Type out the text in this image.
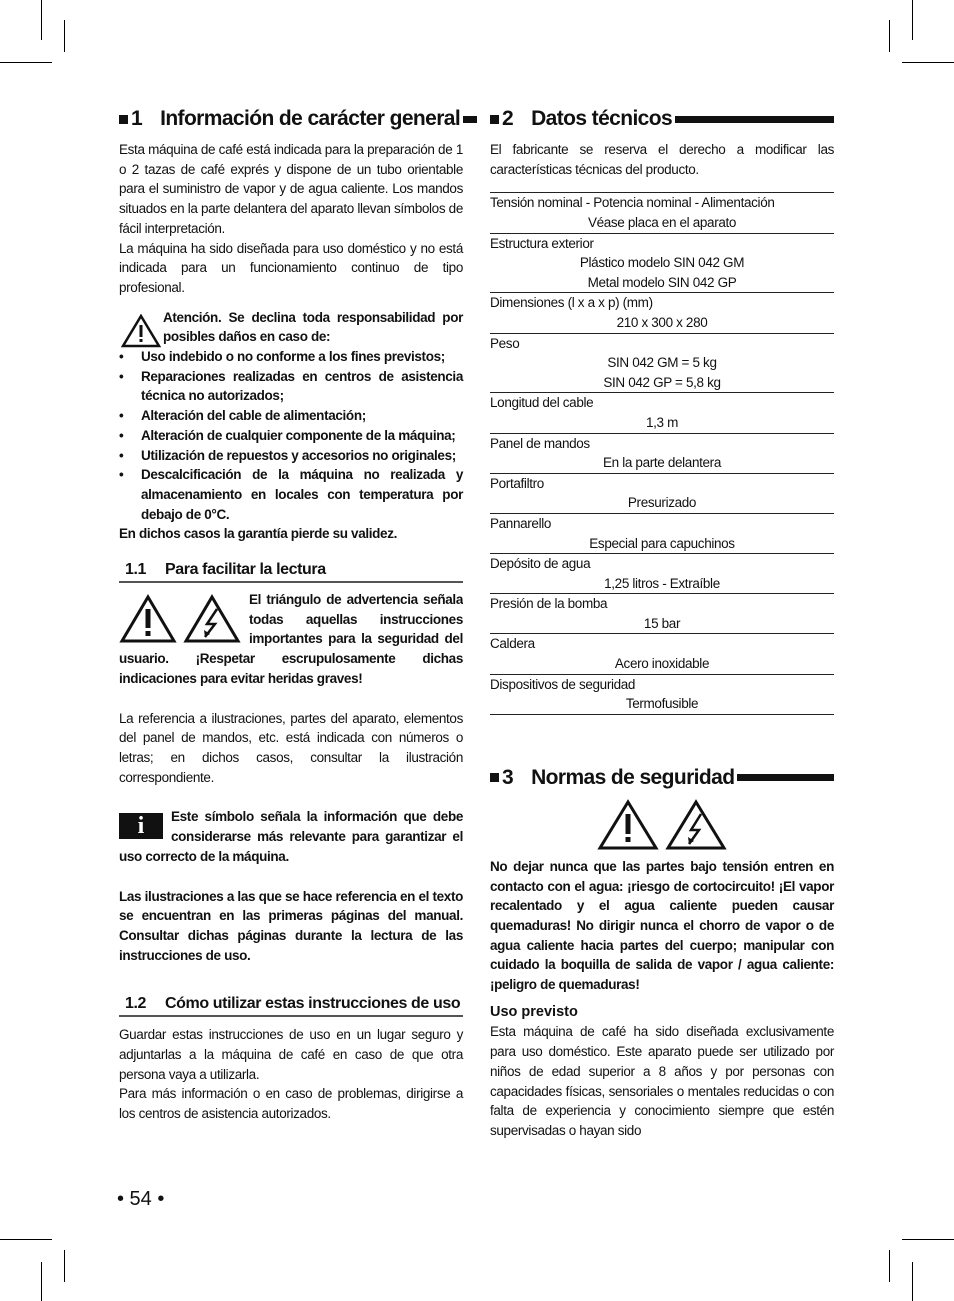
1 Información de carácter general

Esta máquina de café está indicada para la preparación de 1 o 2 tazas de café exprés y dispone de un tubo orientable para el suministro de vapor y de agua caliente. Los mandos situados en la parte delantera del aparato llevan símbolos de fácil interpretación.

La máquina ha sido diseñada para uso doméstico y no está indicada para un funcionamiento continuo de tipo profesional.

Atención. Se declina toda responsabilidad por posibles daños en caso de:

• Uso indebido o no conforme a los fines previstos;
• Reparaciones realizadas en centros de asistencia técnica no autorizados;
• Alteración del cable de alimentación;
• Alteración de cualquier componente de la máquina;
• Utilización de repuestos y accesorios no originales;
• Descalcificación de la máquina no realizada y almacenamiento en locales con temperatura por debajo de 0°C.

En dichos casos la garantía pierde su validez.

1.1	Para facilitar la lectura

El triángulo de advertencia señala todas aquellas instrucciones importantes para la seguridad del usuario. ¡Respetar escrupulosamente dichas indicaciones para evitar heridas graves!

La referencia a ilustraciones, partes del aparato, elementos del panel de mandos, etc. está indicada con números o letras; en dichos casos, consultar la ilustración correspondiente.

i	Este símbolo señala la información que debe considerarse más relevante para garantizar el uso correcto de la máquina.

Las ilustraciones a las que se hace referencia en el texto se encuentran en las primeras páginas del manual. Consultar dichas páginas durante la lectura de las instrucciones de uso.

1.2	Cómo utilizar estas instrucciones de uso

Guardar estas instrucciones de uso en un lugar seguro y adjuntarlas a la máquina de café en caso de que otra persona vaya a utilizarla.

Para más información o en caso de problemas, dirigirse a los centros de asistencia autorizados.

2 Datos técnicos

El fabricante se reserva el derecho a modificar las características técnicas del producto.

Tensión nominal - Potencia nominal - Alimentación
Véase placa en el aparato

Estructura exterior
Plástico modelo SIN 042 GM
Metal modelo SIN 042 GP

Dimensiones (l x a x p) (mm)
210 x 300 x 280

Peso
SIN 042 GM = 5 kg
SIN 042 GP = 5,8 kg

Longitud del cable
1,3 m

Panel de mandos
En la parte delantera

Portafiltro
Presurizado

Pannarello
Especial para capuchinos

Depósito de agua
1,25 litros - Extraíble

Presión de la bomba
15 bar

Caldera
Acero inoxidable

Dispositivos de seguridad
Termofusible

3 Normas de seguridad

No dejar nunca que las partes bajo tensión entren en contacto con el agua: ¡riesgo de cortocircuito! ¡El vapor recalentado y el agua caliente pueden causar quemaduras! No dirigir nunca el chorro de vapor o de agua caliente hacia partes del cuerpo; manipular con cuidado la boquilla de salida de vapor / agua caliente: ¡peligro de quemaduras!

Uso previsto

Esta máquina de café ha sido diseñada exclusivamente para uso doméstico. Este aparato puede ser utilizado por niños de edad superior a 8 años y por personas con capacidades físicas, sensoriales o mentales reducidas o con falta de experiencia y conocimiento siempre que estén supervisadas o hayan sido

• 54 •
